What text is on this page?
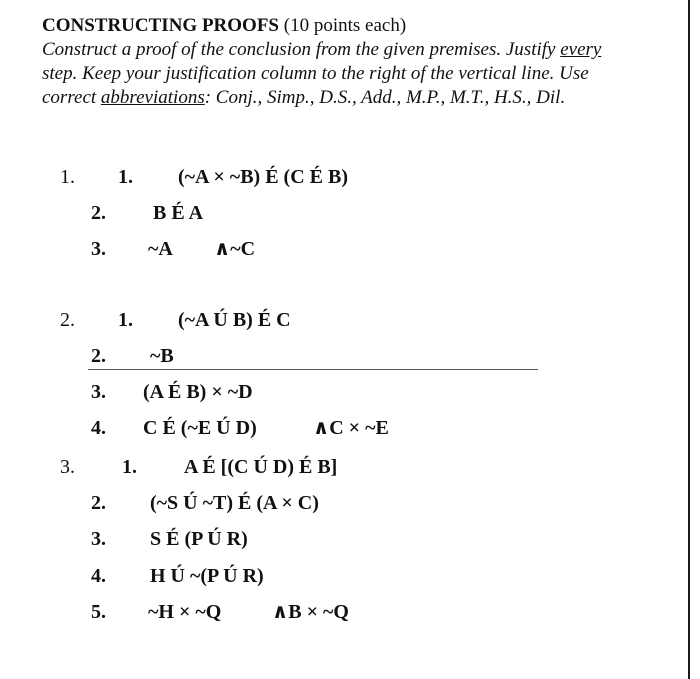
CONSTRUCTING PROOFS (10 points each)
Construct a proof of the conclusion from the given premises. Justify every
step. Keep your justification column to the right of the vertical line. Use
correct abbreviations: Conj., Simp., D.S., Add., M.P., M.T., H.S., Dil.
1. 1. (~A × ~B) É (C É B)
2. B É A
3. ~A ∧~C
2. 1. (~A Ú B) É C
2. ~B
3. (A É B) × ~D
4. C É (~E Ú D)	∧C × ~E
3. 1. A É [(C Ú D) É B]
2. (~S Ú ~T) É (A × C)
3. S É (P Ú R)
4. H Ú ~(P Ú R)
5. ~H × ~Q	∧B × ~Q
